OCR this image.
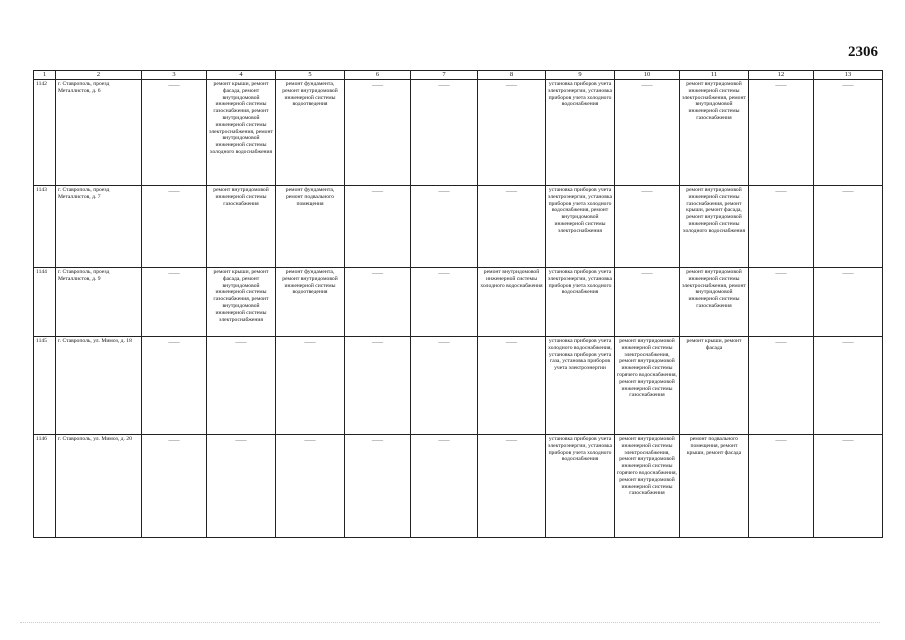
2306
1	2	3	4	5	6	7	8	9	10	11	12	13
1142	г. Ставрополь, проезд Металлистов, д. 6	——	ремонт крыши, ремонт фасада, ремонт внутридомовой инженерной системы газоснабжения, ремонт внутридомовой инженерной системы электроснабжения, ремонт внутридомовой инженерной системы холодного водоснабжения	ремонт фундамента, ремонт внутридомовой инженерной системы водоотведения	——	——	——	установка приборов учета электроэнергии, установка приборов учета холодного водоснабжения	——	ремонт внутридомовой инженерной системы электроснабжения, ремонт внутридомовой инженерной системы газоснабжения	——	——

1143	г. Ставрополь, проезд Металлистов, д. 7	——	ремонт внутридомовой инженерной системы газоснабжения	ремонт фундамента, ремонт подвального помещения	——	——	——	установка приборов учета электроэнергии, установка приборов учета холодного водоснабжения, ремонт внутридомовой инженерной системы электроснабжения	——	ремонт внутридомовой инженерной системы газоснабжения, ремонт крыши, ремонт фасада, ремонт внутридомовой инженерной системы холодного водоснабжения	——	——

1144	г. Ставрополь, проезд Металлистов, д. 9	——	ремонт крыши, ремонт фасада, ремонт внутридомовой инженерной системы газоснабжения, ремонт внутридомовой инженерной системы электроснабжения	ремонт фундамента, ремонт внутридомовой инженерной системы водоотведения	——	——	ремонт внутридомовой инженерной системы холодного водоснабжения	установка приборов учета электроэнергии, установка приборов учета холодного водоснабжения	——	ремонт внутридомовой инженерной системы электроснабжения, ремонт внутридомовой инженерной системы газоснабжения	——	——

1145	г. Ставрополь, ул. Мимоз, д. 18	——	——	——	——	——	——	установка приборов учета холодного водоснабжения, установка приборов учета газа, установка приборов учета электроэнергии	ремонт внутридомовой инженерной системы электроснабжения, ремонт внутридомовой инженерной системы горячего водоснабжения, ремонт внутридомовой инженерной системы газоснабжения	ремонт крыши, ремонт фасада	——	——

1146	г. Ставрополь, ул. Мимоз, д. 20	——	——	——	——	——	——	установка приборов учета электроэнергии, установка приборов учета холодного водоснабжения	ремонт внутридомовой инженерной системы электроснабжения, ремонт внутридомовой инженерной системы горячего водоснабжения, ремонт внутридомовой инженерной системы газоснабжения	ремонт подвального помещения, ремонт крыши, ремонт фасада	——	——
